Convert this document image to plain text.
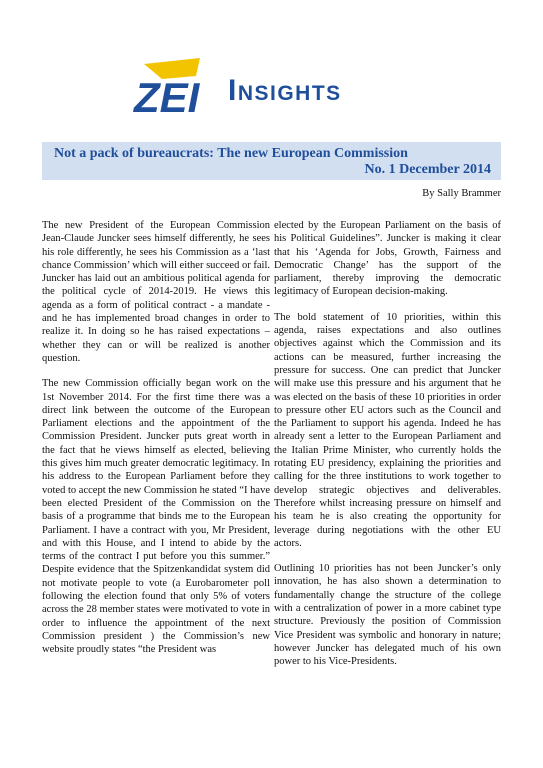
ZEI Insights
Not a pack of bureaucrats: The new European Commission
No. 1 December 2014
By Sally Brammer

The new President of the European Commission Jean-Claude Juncker sees himself differently, he sees his role differently, he sees his Commission as a ‘last chance Commission’ which will either succeed or fail. Juncker has laid out an ambitious political agenda for the political cycle of 2014-2019. He views this agenda as a form of political contract - a mandate - and he has implemented broad changes in order to realize it. In doing so he has raised expectations – whether they can or will be realized is another question.

The new Commission officially began work on the 1st November 2014. For the first time there was a direct link between the outcome of the European Parliament elections and the appointment of the Commission President. Juncker puts great worth in the fact that he views himself as elected, believing this gives him much greater democratic legitimacy. In his address to the European Parliament before they voted to accept the new Commission he stated “I have been elected President of the Commission on the basis of a programme that binds me to the European Parliament. I have a contract with you, Mr President, and with this House, and I intend to abide by the terms of the contract I put before you this summer.” Despite evidence that the Spitzenkandidat system did not motivate people to vote (a Eurobarometer poll following the election found that only 5% of voters across the 28 member states were motivated to vote in order to influence the appointment of the next Commission president ) the Commission’s new website proudly states “the President was

elected by the European Parliament on the basis of his Political Guidelines”. Juncker is making it clear that his ‘Agenda for Jobs, Growth, Fairness and Democratic Change’ has the support of the parliament, thereby improving the democratic legitimacy of European decision-making.

The bold statement of 10 priorities, within this agenda, raises expectations and also outlines objectives against which the Commission and its actions can be measured, further increasing the pressure for success. One can predict that Juncker will make use this pressure and his argument that he was elected on the basis of these 10 priorities in order to pressure other EU actors such as the Council and the Parliament to support his agenda. Indeed he has already sent a letter to the European Parliament and the Italian Prime Minister, who currently holds the rotating EU presidency, explaining the priorities and calling for the three institutions to work together to develop strategic objectives and deliverables. Therefore whilst increasing pressure on himself and his team he is also creating the opportunity for leverage during negotiations with the other EU actors.

Outlining 10 priorities has not been Juncker’s only innovation, he has also shown a determination to fundamentally change the structure of the college with a centralization of power in a more cabinet type structure. Previously the position of Commission Vice President was symbolic and honorary in nature; however Juncker has delegated much of his own power to his Vice-Presidents.
